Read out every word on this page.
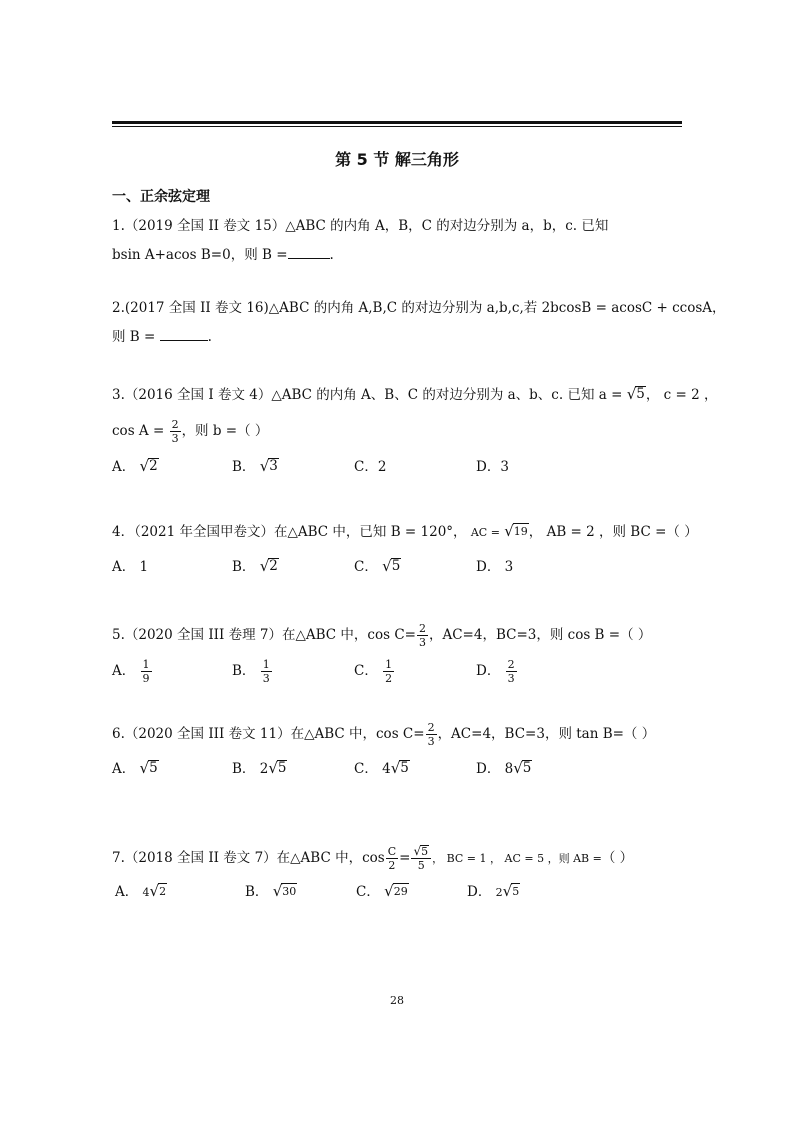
第 5 节 解三角形
一、正余弦定理
1.（2019 全国 II 卷文 15）△ABC 的内角 A，B，C 的对边分别为 a，b，c. 已知
bsin A+acos B=0，则 B =	.
2.(2017 全国 II 卷文 16)△ABC 的内角 A,B,C 的对边分别为 a,b,c,若 2bcosB = acosC + ccosA，
则 B =	.
3.（2016 全国 I 卷文 4）△ABC 的内角 A、B、C 的对边分别为 a、b、c. 已知 a = √ 5 ， c = 2 ，
$\cos A = \frac{2}{3}$ ，则 b =（ ）
A． √ 2	B． √ 3	C．2	D．3
4．（2021 年全国甲卷文）在△ABC 中，已知 B = 120°， AC = √ 19 ， AB = 2 ，则 BC =（ ）
A． 1	B． √ 2	C． √ 5	D． 3
5.（2020 全国 III 卷理 7）在△ABC 中，$\cos C= \frac{2}{3}$ ，AC=4，BC=3，则 cos B =（ ）
A． $\frac{1}{9}$	B． $\frac{1}{3}$	C． $\frac{1}{2}$	D． $\frac{2}{3}$
6.（2020 全国 III 卷文 11）在△ABC 中，$\cos C= \frac{2}{3}$ ，AC=4，BC=3，则 tan B=（ ）
A． √ 5	B． 2 √ 5	C． 4 √ 5	D． 8 √ 5
7.（2018 全国 II 卷文 7）在△ABC 中，$\cos \frac{C}{2} = \frac{√ 5}{5}$ ， BC = 1 ， AC = 5 ，则 AB =（ ）
A． 4 √ 2	B． √ 30	C． √ 29	D． 2 √ 5
28
